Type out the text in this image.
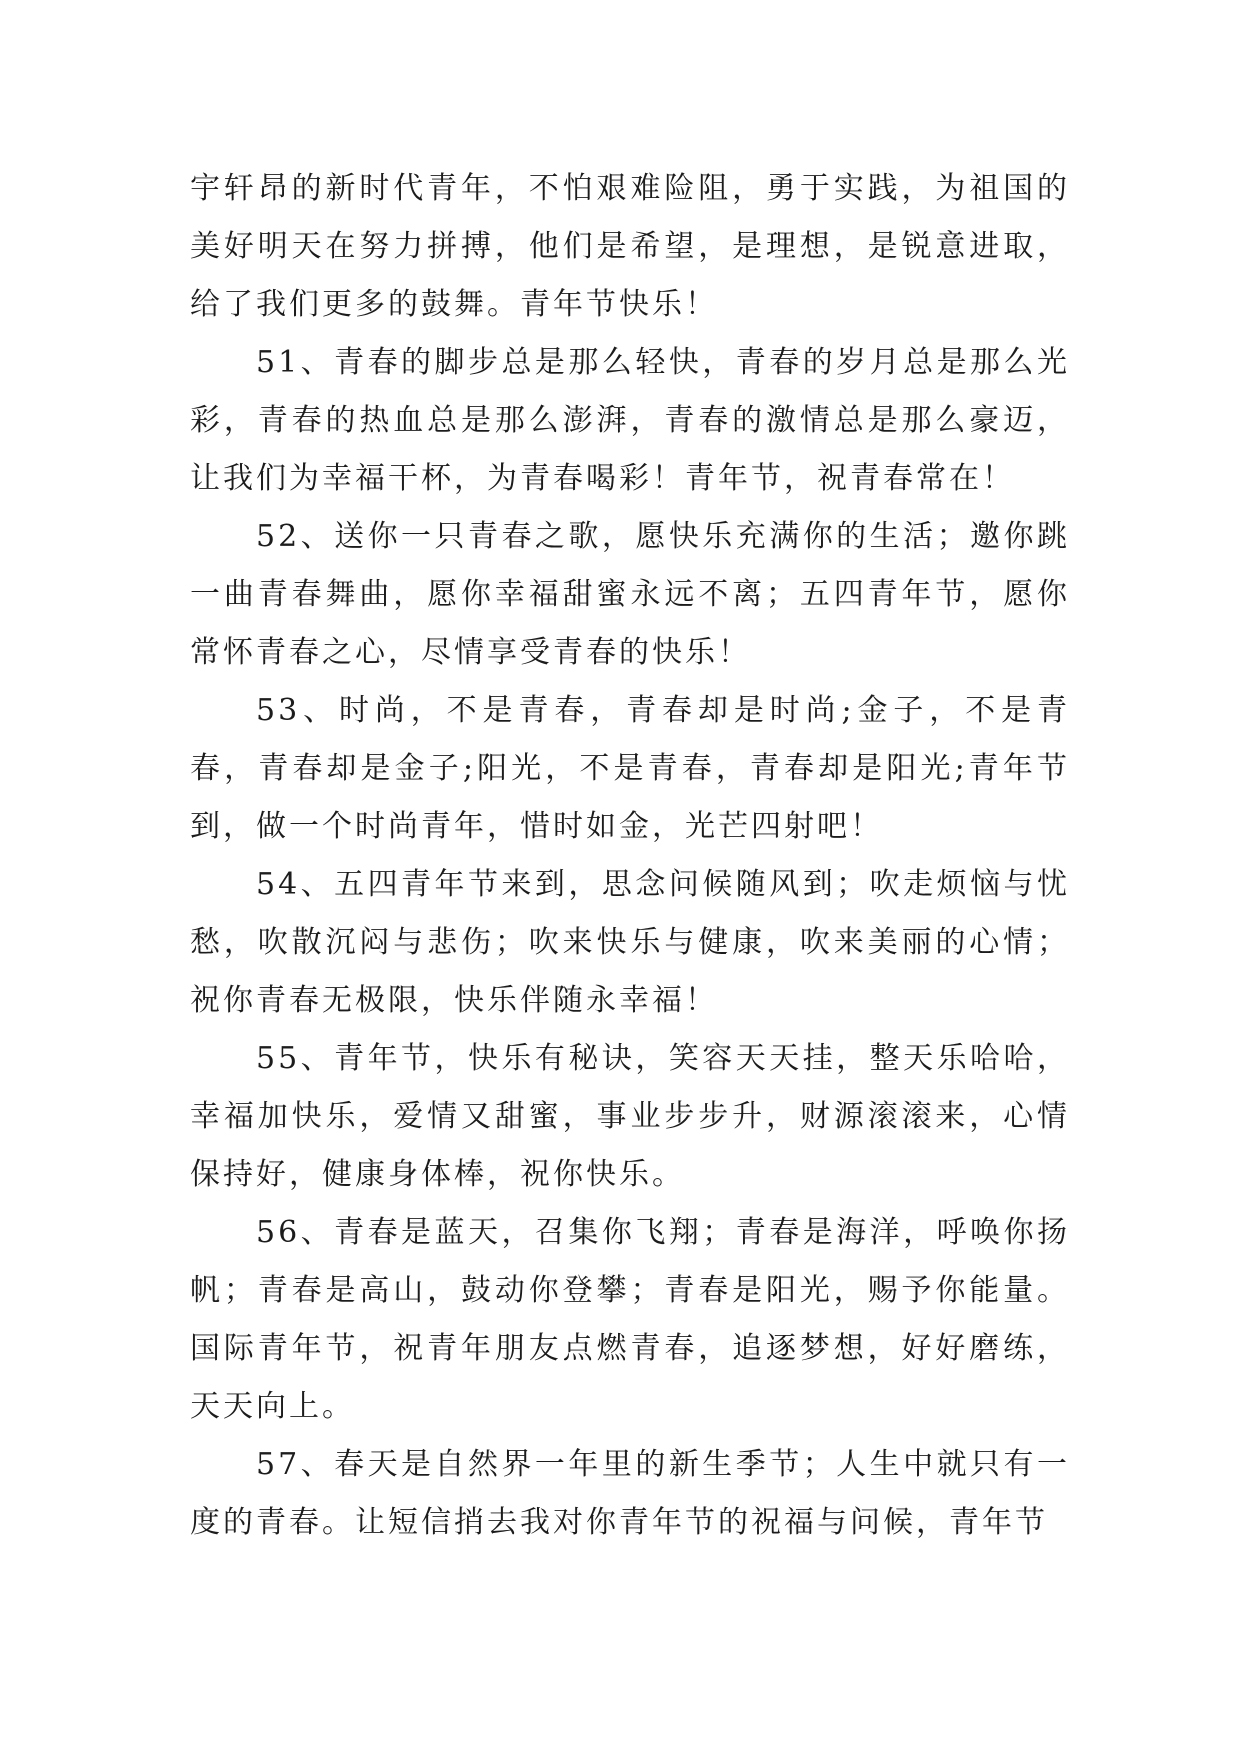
宇轩昂的新时代青年，不怕艰难险阻，勇于实践，为祖国的美好明天在努力拼搏，他们是希望，是理想，是锐意进取，给了我们更多的鼓舞。青年节快乐！

51、青春的脚步总是那么轻快，青春的岁月总是那么光彩，青春的热血总是那么澎湃，青春的激情总是那么豪迈，让我们为幸福干杯，为青春喝彩！青年节，祝青春常在！

52、送你一只青春之歌，愿快乐充满你的生活；邀你跳一曲青春舞曲，愿你幸福甜蜜永远不离；五四青年节，愿你常怀青春之心，尽情享受青春的快乐！

53、时尚，不是青春，青春却是时尚;金子，不是青春，青春却是金子;阳光，不是青春，青春却是阳光;青年节到，做一个时尚青年，惜时如金，光芒四射吧！

54、五四青年节来到，思念问候随风到；吹走烦恼与忧愁，吹散沉闷与悲伤；吹来快乐与健康，吹来美丽的心情；祝你青春无极限，快乐伴随永幸福！

55、青年节，快乐有秘诀，笑容天天挂，整天乐哈哈，幸福加快乐，爱情又甜蜜，事业步步升，财源滚滚来，心情保持好，健康身体棒，祝你快乐。

56、青春是蓝天，召集你飞翔；青春是海洋，呼唤你扬帆；青春是高山，鼓动你登攀；青春是阳光，赐予你能量。国际青年节，祝青年朋友点燃青春，追逐梦想，好好磨练，天天向上。

57、春天是自然界一年里的新生季节；人生中就只有一度的青春。让短信捎去我对你青年节的祝福与问候，青年节
